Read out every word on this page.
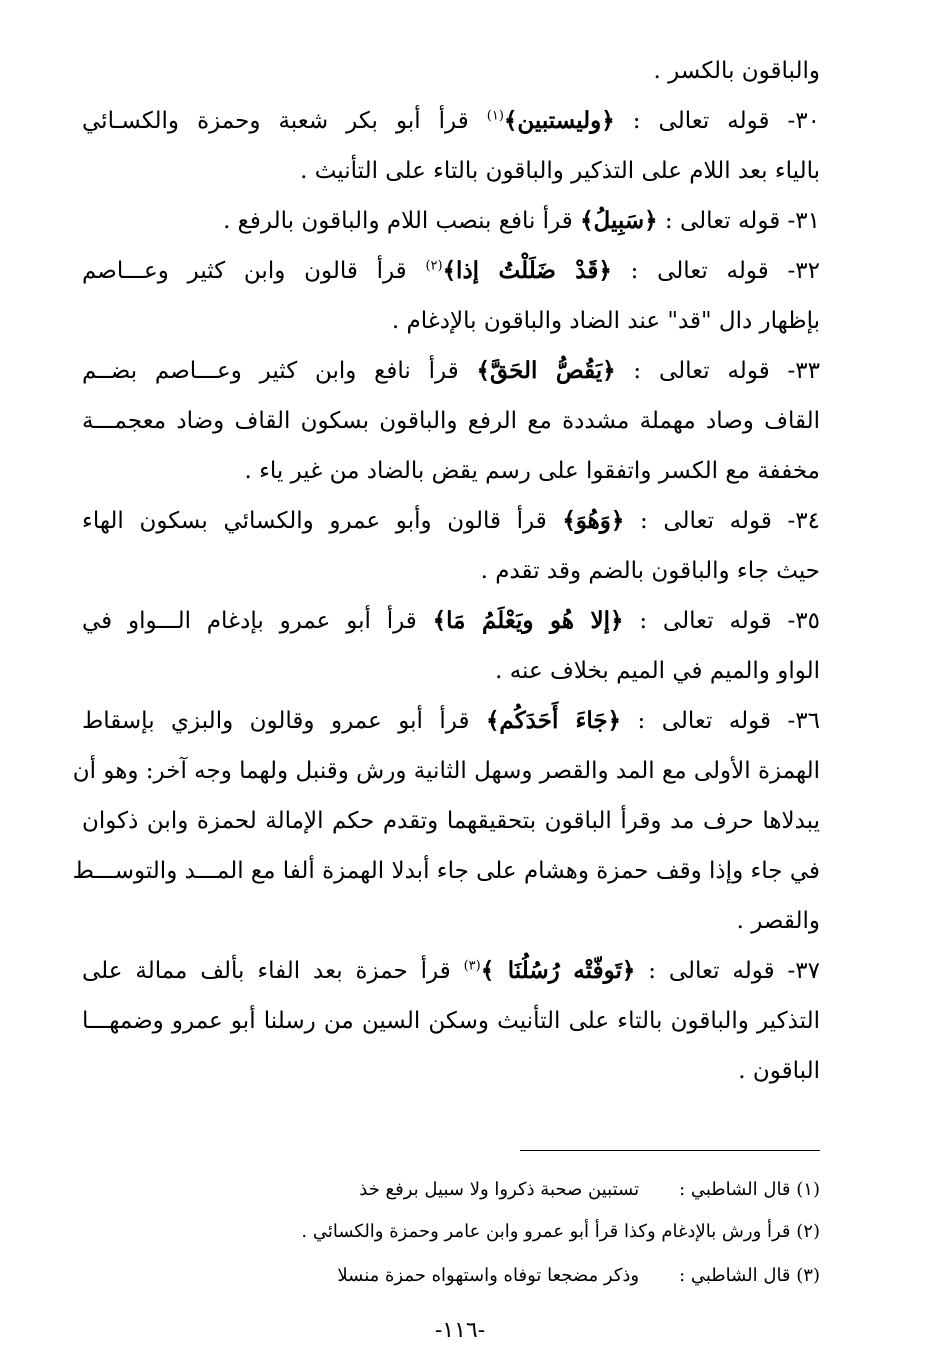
والباقون بالكسر .
٣٠- قوله تعالى : ﴿وليستبين﴾$^{(١)}$ قرأ أبو بكر شعبة وحمزة والكسـائي
بالياء بعد اللام على التذكير والباقون بالتاء على التأنيث .
٣١- قوله تعالى : ﴿سَبِيلُ﴾ قرأ نافع بنصب اللام والباقون بالرفع .
٣٢- قوله تعالى : ﴿قَدْ ضَلَلْتُ إذا﴾$^{(٢)}$ قرأ قالون وابن كثير وعـــاصم
بإظهار دال "قد" عند الضاد والباقون بالإدغام .
٣٣- قوله تعالى : ﴿يَقُصُّ الحَقَّ﴾ قرأ نافع وابن كثير وعـــاصم بضــم
القاف وصاد مهملة مشددة مع الرفع والباقون بسكون القاف وضاد معجمـــة
مخففة مع الكسر واتفقوا على رسم يقض بالضاد من غير ياء .
٣٤- قوله تعالى : ﴿وَهُوَ﴾ قرأ قالون وأبو عمرو والكسائي بسكون الهاء
حيث جاء والباقون بالضم وقد تقدم .
٣٥- قوله تعالى : ﴿إلا هُو ويَعْلَمُ مَا﴾ قرأ أبو عمرو بإدغام الـــواو في
الواو والميم في الميم بخلاف عنه .
٣٦- قوله تعالى : ﴿جَاءَ أَحَدَكُم﴾ قرأ أبو عمرو وقالون والبزي بإسقاط
الهمزة الأولى مع المد والقصر وسهل الثانية ورش وقنبل ولهما وجه آخر: وهو أن
يبدلاها حرف مد وقرأ الباقون بتحقيقهما وتقدم حكم الإمالة لحمزة وابن ذكوان
في جاء وإذا وقف حمزة وهشام على جاء أبدلا الهمزة ألفا مع المـــد والتوســـط
والقصر .
٣٧- قوله تعالى : ﴿تَوفّتْه رُسُلُنَا ﴾$^{(٣)}$ قرأ حمزة بعد الفاء بألف ممالة على
التذكير والباقون بالتاء على التأنيث وسكن السين من رسلنا أبو عمرو وضمهـــا
الباقون .
(١) قال الشاطبي :تستبين صحبة ذكروا ولا سبيل برفع خذ
(٢) قرأ ورش بالإدغام وكذا قرأ أبو عمرو وابن عامر وحمزة والكسائي .
(٣) قال الشاطبي :وذكر مضجعا توفاه واستهواه حمزة منسلا
-١١٦-
